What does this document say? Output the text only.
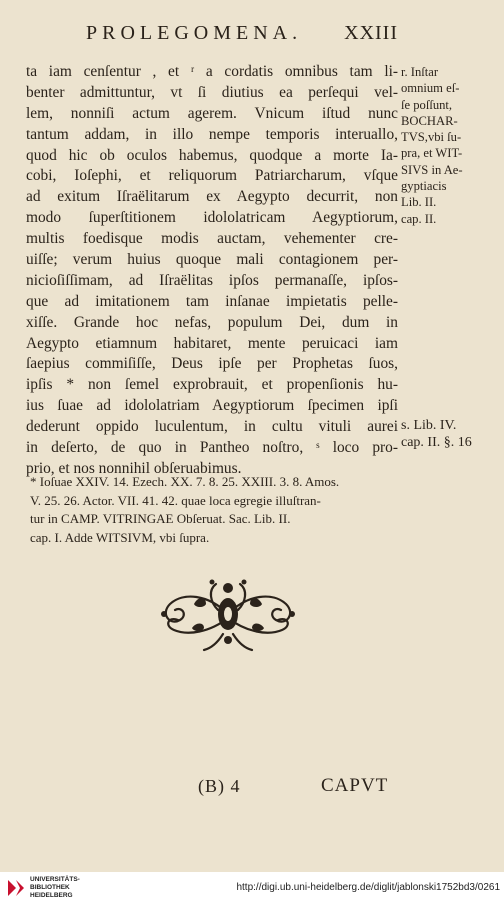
PROLEGOMENA. XXIII
ta iam cenſentur , et ʳ a cordatis omnibus tam li-
benter admittuntur, vt ſi diutius ea perſequi vel-
lem, nonniſi actum agerem. Vnicum iſtud nunc
tantum addam, in illo nempe temporis interuallo,
quod hic ob oculos habemus, quodque a morte Ia-
cobi, Ioſephi, et reliquorum Patriarcharum, vſque
ad exitum Iſraëlitarum ex Aegypto decurrit, non
modo ſuperſtitionem idololatricam Aegyptiorum,
multis foedisque modis auctam, vehementer cre-
uiſſe; verum huius quoque mali contagionem per-
nicioſiſſimam, ad Iſraëlitas ipſos permanaſſe, ipſos-
que ad imitationem tam inſanae impietatis pelle-
xiſſe. Grande hoc nefas, populum Dei, dum in
Aegypto etiamnum habitaret, mente peruicaci iam
ſaepius commiſiſſe, Deus ipſe per Prophetas ſuos,
ipſis * non ſemel exprobrauit, et propenſionis hu-
ius ſuae ad idololatriam Aegyptiorum ſpecimen ipſi
dederunt oppido luculentum, in cultu vituli aurei
in deſerto, de quo in Pantheo noſtro, ˢ loco pro-
prio, et nos nonnihil obſeruabimus.
r. Inſtar
omnium eſ-
ſe poſſunt,
BOCHAR-
TVS,vbi ſu-
pra, et WIT-
SIVS in Ae-
gyptiacis
Lib. II.
cap. II.
s. Lib. IV.
cap. II. §. 16
* Ioſuae XXIV. 14. Ezech. XX. 7. 8. 25. XXIII. 3. 8. Amos.
V. 25. 26. Actor. VII. 41. 42. quae loca egregie illuſtran-
tur in CAMP. VITRINGAE Obſeruat. Sac. Lib. II.
cap. I. Adde WITSIVM, vbi ſupra.
(B) 4	CAPVT
UNIVERSITÄTS-
BIBLIOTHEK
HEIDELBERG
http://digi.ub.uni-heidelberg.de/diglit/jablonski1752bd3/0261
